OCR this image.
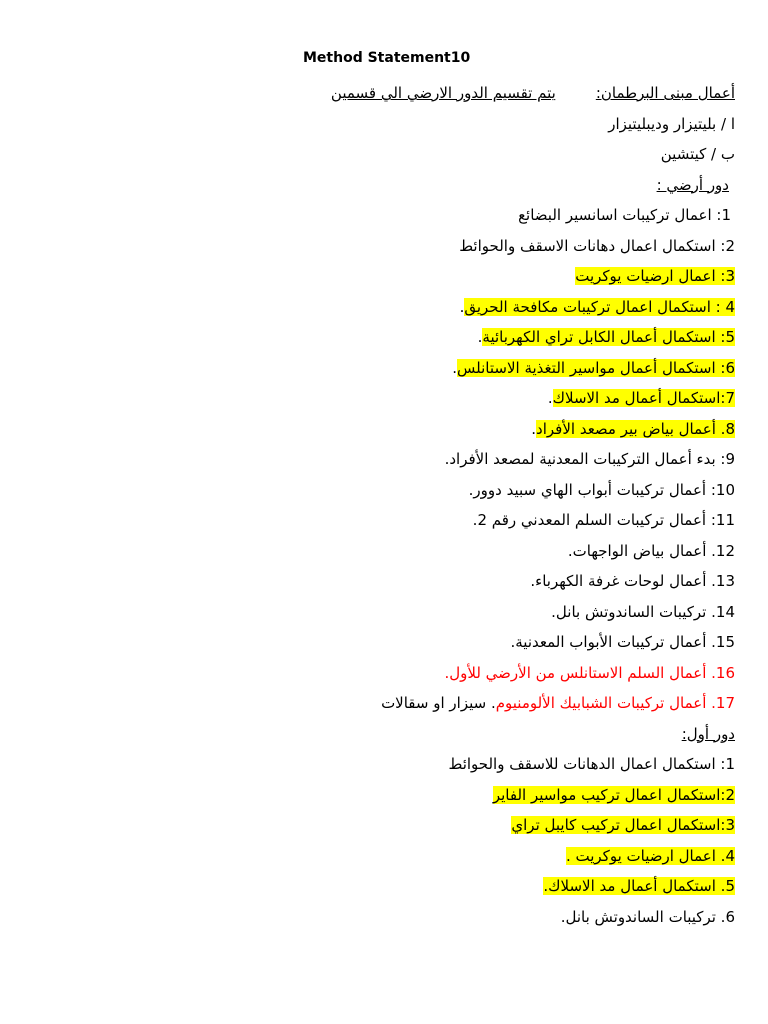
Method Statement10
أعمال مبنى البرطمان:يتم تقسيم الدور الارضي الي قسمين
ا / بليتيزار وديبليتيزار
ب / كيتشين
دور أرضي :
1: اعمال تركيبات اسانسير البضائع
2: استكمال اعمال دهانات الاسقف والحوائط
3: اعمال ارضيات يوكريت
4 : استكمال اعمال تركيبات مكافحة الحريق.
5: استكمال أعمال الكابل تراي الكهربائية.
6: استكمال أعمال مواسير التغذية الاستانلس.
7:استكمال أعمال مد الاسلاك.
8. أعمال بياض بير مصعد الأفراد.
9: بدء أعمال التركيبات المعدنية لمصعد الأفراد.
10: أعمال تركيبات أبواب الهاي سبيد دوور.
11: أعمال تركيبات السلم المعدني رقم 2.
12. أعمال بياض الواجهات.
13. أعمال لوحات غرفة الكهرباء.
14. تركيبات الساندوتش بانل.
15. أعمال تركيبات الأبواب المعدنية.
16. أعمال السلم الاستانلس من الأرضي للأول.
17. أعمال تركيبات الشبابيك الألومنيوم. سيزار او سقالات
دور أول:
1: استكمال اعمال الدهانات للاسقف والحوائط
2:استكمال اعمال تركيب مواسير الفاير
3:استكمال اعمال تركيب كايبل تراي
4. اعمال ارضيات يوكريت .
5. استكمال أعمال مد الاسلاك.
6. تركيبات الساندوتش بانل.
